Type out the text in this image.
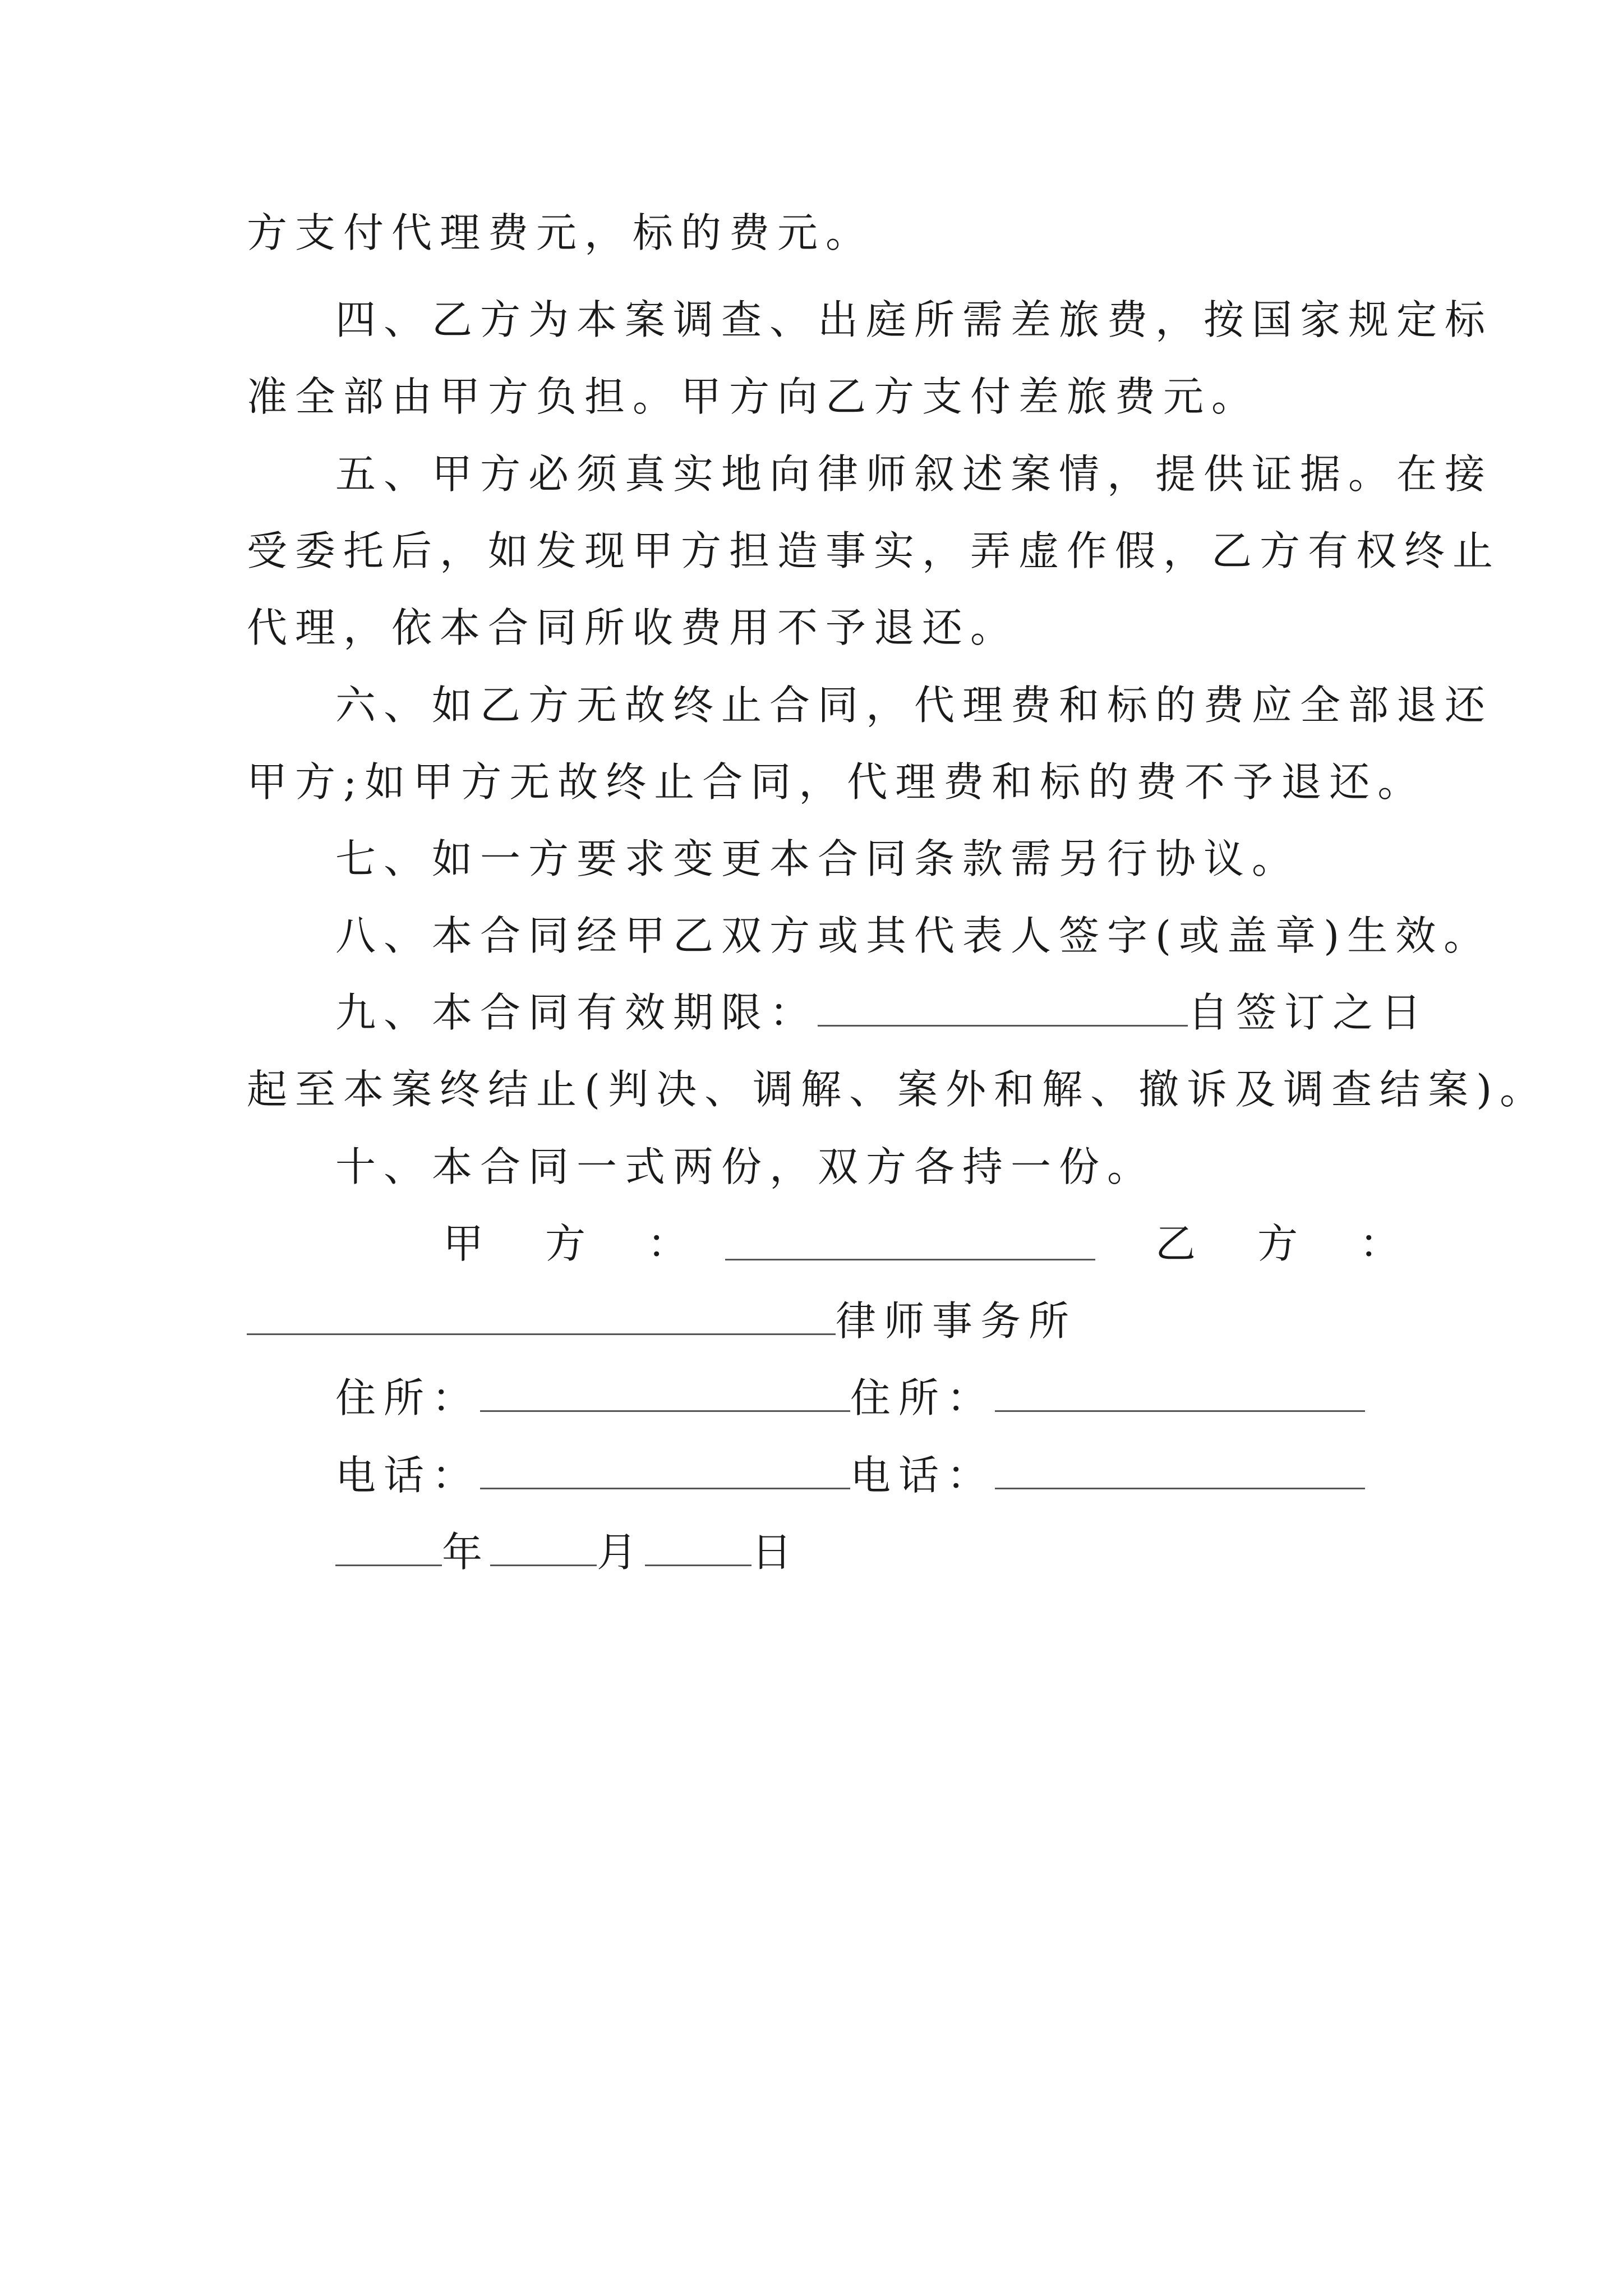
方支付代理费元，标的费元。
四、乙方为本案调查、出庭所需差旅费，按国家规定标
准全部由甲方负担。甲方向乙方支付差旅费元。
五、甲方必须真实地向律师叙述案情，提供证据。在接
受委托后，如发现甲方担造事实，弄虚作假，乙方有权终止
代理，依本合同所收费用不予退还。
六、如乙方无故终止合同，代理费和标的费应全部退还
甲方;如甲方无故终止合同，代理费和标的费不予退还。
七、如一方要求变更本合同条款需另行协议。
八、本合同经甲乙双方或其代表人签字(或盖章)生效。
九、本合同有效期限：	自签订之日
起至本案终结止(判决、调解、案外和解、撤诉及调查结案)。
十、本合同一式两份，双方各持一份。
甲方：	乙方：
律师事务所
住所：	住所：
电话：	电话：
年	月	日
